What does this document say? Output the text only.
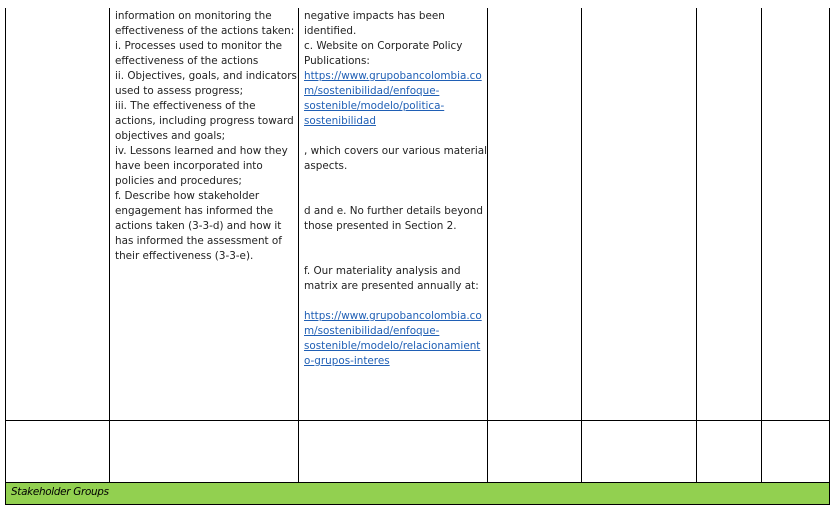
information on monitoring the
effectiveness of the actions taken:
i. Processes used to monitor the
effectiveness of the actions
ii. Objectives, goals, and indicators
used to assess progress;
iii. The effectiveness of the
actions, including progress toward
objectives and goals;
iv. Lessons learned and how they
have been incorporated into
policies and procedures;
f. Describe how stakeholder
engagement has informed the
actions taken (3-3-d) and how it
has informed the assessment of
their effectiveness (3-3-e).
negative impacts has been
identified.
c. Website on Corporate Policy
Publications:
https://www.grupobancolombia.co
m/sostenibilidad/enfoque-
sostenible/modelo/politica-
sostenibilidad
, which covers our various material
aspects.
d and e. No further details beyond
those presented in Section 2.
f. Our materiality analysis and
matrix are presented annually at:
https://www.grupobancolombia.co
m/sostenibilidad/enfoque-
sostenible/modelo/relacionamient
o-grupos-interes
Stakeholder Groups
